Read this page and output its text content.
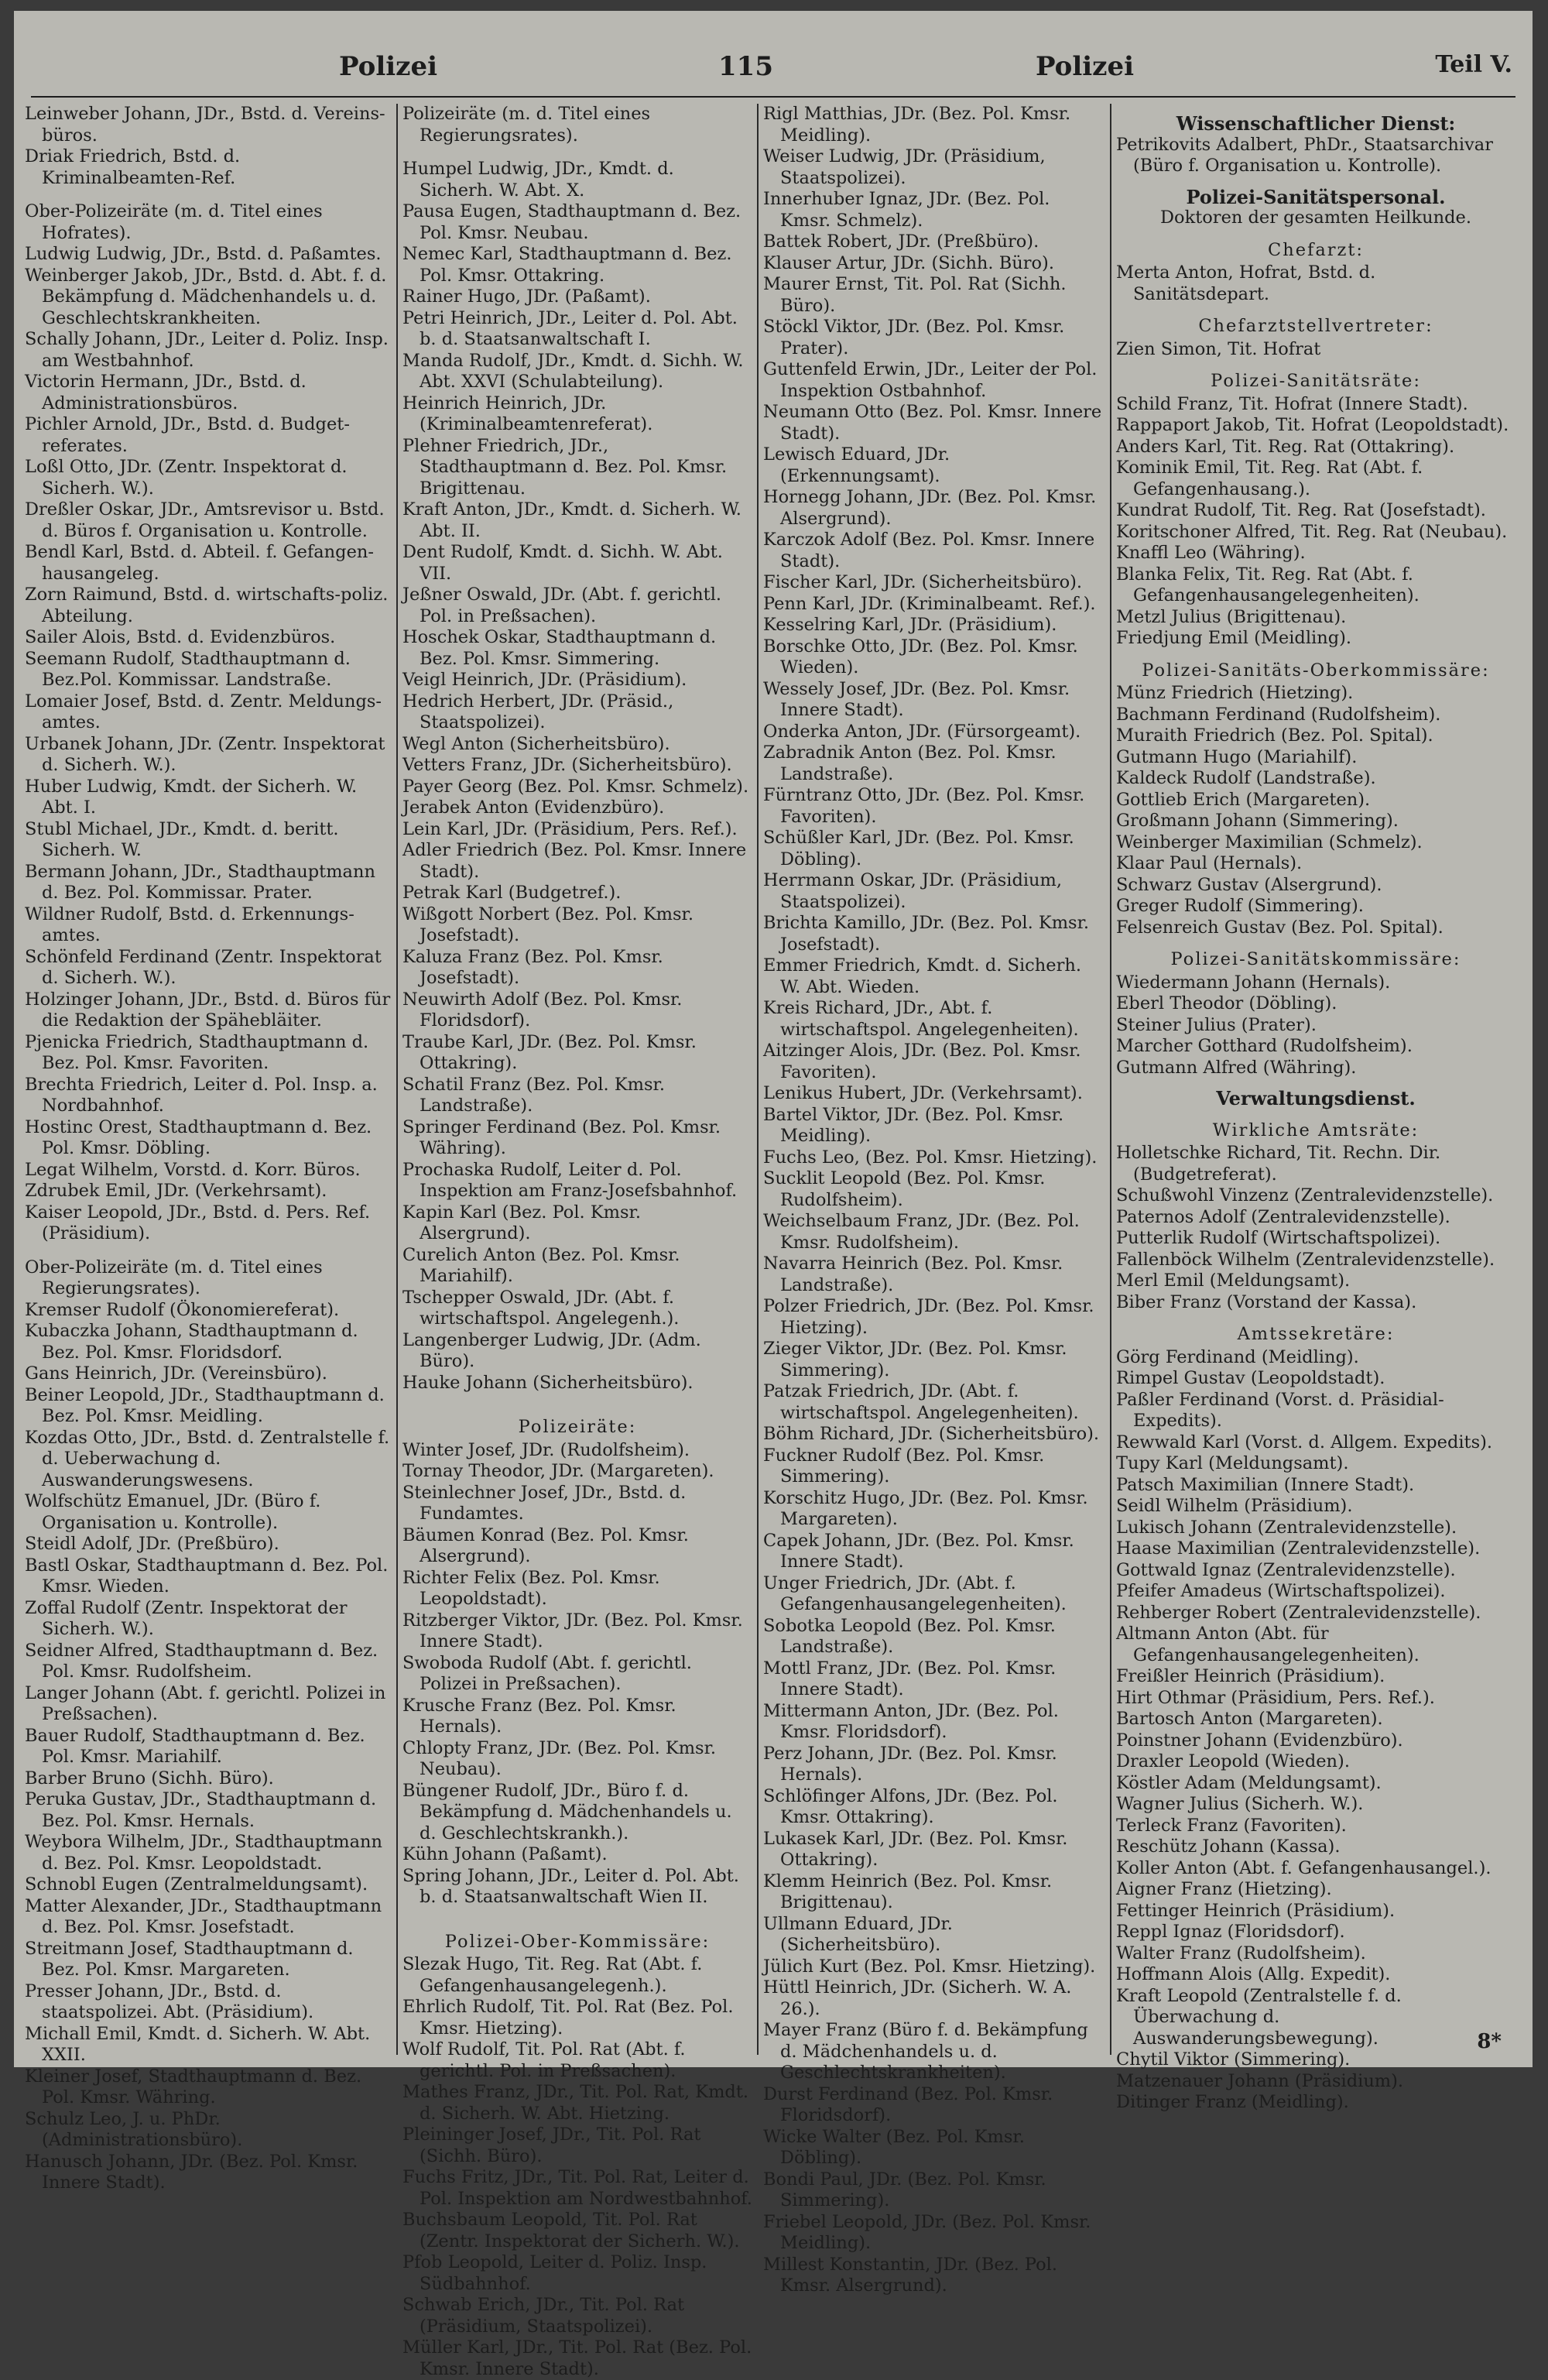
Polizei	115	Polizei	Teil V.
Leinweber Johann, JDr., Bstd. d. Vereins-büros.
Driak Friedrich, Bstd. d. Kriminalbeamten-Ref.
Ober-Polizeiräte (m. d. Titel eines Hofrates).
Ludwig Ludwig, JDr., Bstd. d. Paßamtes.
Weinberger Jakob, JDr., Bstd. d. Abt. f. d. Bekämpfung d. Mädchenhandels u. d. Geschlechtskrankheiten.
Schally Johann, JDr., Leiter d. Poliz. Insp. am Westbahnhof.
Victorin Hermann, JDr., Bstd. d. Administrationsbüros.
Pichler Arnold, JDr., Bstd. d. Budget-referates.
Loßl Otto, JDr. (Zentr. Inspektorat d. Sicherh. W.).
Dreßler Oskar, JDr., Amtsrevisor u. Bstd. d. Büros f. Organisation u. Kontrolle.
Bendl Karl, Bstd. d. Abteil. f. Gefangen-hausangeleg.
Zorn Raimund, Bstd. d. wirtschafts-poliz. Abteilung.
Sailer Alois, Bstd. d. Evidenzbüros.
Seemann Rudolf, Stadthauptmann d. Bez.Pol. Kommissar. Landstraße.
Lomaier Josef, Bstd. d. Zentr. Meldungs-amtes.
Urbanek Johann, JDr. (Zentr. Inspektorat d. Sicherh. W.).
Huber Ludwig, Kmdt. der Sicherh. W. Abt. I.
Stubl Michael, JDr., Kmdt. d. beritt. Sicherh. W.
Bermann Johann, JDr., Stadthauptmann d. Bez. Pol. Kommissar. Prater.
Wildner Rudolf, Bstd. d. Erkennungs-amtes.
Schönfeld Ferdinand (Zentr. Inspektorat d. Sicherh. W.).
Holzinger Johann, JDr., Bstd. d. Büros für die Redaktion der Spähebläiter.
Pjenicka Friedrich, Stadthauptmann d. Bez. Pol. Kmsr. Favoriten.
Brechta Friedrich, Leiter d. Pol. Insp. a. Nordbahnhof.
Hostinc Orest, Stadthauptmann d. Bez. Pol. Kmsr. Döbling.
Legat Wilhelm, Vorstd. d. Korr. Büros.
Zdrubek Emil, JDr. (Verkehrsamt).
Kaiser Leopold, JDr., Bstd. d. Pers. Ref. (Präsidium).
Ober-Polizeiräte (m. d. Titel eines Regierungsrates).
Kremser Rudolf (Ökonomiereferat).
Kubaczka Johann, Stadthauptmann d. Bez. Pol. Kmsr. Floridsdorf.
Gans Heinrich, JDr. (Vereinsbüro).
Beiner Leopold, JDr., Stadthauptmann d. Bez. Pol. Kmsr. Meidling.
Kozdas Otto, JDr., Bstd. d. Zentralstelle f. d. Ueberwachung d. Auswanderungswesens.
Wolfschütz Emanuel, JDr. (Büro f. Organisation u. Kontrolle).
Steidl Adolf, JDr. (Preßbüro).
Bastl Oskar, Stadthauptmann d. Bez. Pol. Kmsr. Wieden.
Zoffal Rudolf (Zentr. Inspektorat der Sicherh. W.).
Seidner Alfred, Stadthauptmann d. Bez. Pol. Kmsr. Rudolfsheim.
Langer Johann (Abt. f. gerichtl. Polizei in Preßsachen).
Bauer Rudolf, Stadthauptmann d. Bez. Pol. Kmsr. Mariahilf.
Barber Bruno (Sichh. Büro).
Peruka Gustav, JDr., Stadthauptmann d. Bez. Pol. Kmsr. Hernals.
Weybora Wilhelm, JDr., Stadthauptmann d. Bez. Pol. Kmsr. Leopoldstadt.
Schnobl Eugen (Zentralmeldungsamt).
Matter Alexander, JDr., Stadthauptmann d. Bez. Pol. Kmsr. Josefstadt.
Streitmann Josef, Stadthauptmann d. Bez. Pol. Kmsr. Margareten.
Presser Johann, JDr., Bstd. d. staatspolizei. Abt. (Präsidium).
Michall Emil, Kmdt. d. Sicherh. W. Abt. XXII.
Kleiner Josef, Stadthauptmann d. Bez. Pol. Kmsr. Währing.
Schulz Leo, J. u. PhDr. (Administrationsbüro).
Hanusch Johann, JDr. (Bez. Pol. Kmsr. Innere Stadt).
Polizeiräte (m. d. Titel eines Regierungsrates).
Humpel Ludwig, JDr., Kmdt. d. Sicherh. W. Abt. X.
Pausa Eugen, Stadthauptmann d. Bez. Pol. Kmsr. Neubau.
Nemec Karl, Stadthauptmann d. Bez. Pol. Kmsr. Ottakring.
Rainer Hugo, JDr. (Paßamt).
Petri Heinrich, JDr., Leiter d. Pol. Abt. b. d. Staatsanwaltschaft I.
Manda Rudolf, JDr., Kmdt. d. Sichh. W. Abt. XXVI (Schulabteilung).
Heinrich Heinrich, JDr. (Kriminalbeamtenreferat).
Plehner Friedrich, JDr., Stadthauptmann d. Bez. Pol. Kmsr. Brigittenau.
Kraft Anton, JDr., Kmdt. d. Sicherh. W. Abt. II.
Dent Rudolf, Kmdt. d. Sichh. W. Abt. VII.
Jeßner Oswald, JDr. (Abt. f. gerichtl. Pol. in Preßsachen).
Hoschek Oskar, Stadthauptmann d. Bez. Pol. Kmsr. Simmering.
Veigl Heinrich, JDr. (Präsidium).
Hedrich Herbert, JDr. (Präsid., Staatspolizei).
Wegl Anton (Sicherheitsbüro).
Vetters Franz, JDr. (Sicherheitsbüro).
Payer Georg (Bez. Pol. Kmsr. Schmelz).
Jerabek Anton (Evidenzbüro).
Lein Karl, JDr. (Präsidium, Pers. Ref.).
Adler Friedrich (Bez. Pol. Kmsr. Innere Stadt).
Petrak Karl (Budgetref.).
Wißgott Norbert (Bez. Pol. Kmsr. Josefstadt).
Kaluza Franz (Bez. Pol. Kmsr. Josefstadt).
Neuwirth Adolf (Bez. Pol. Kmsr. Floridsdorf).
Traube Karl, JDr. (Bez. Pol. Kmsr. Ottakring).
Schatil Franz (Bez. Pol. Kmsr. Landstraße).
Springer Ferdinand (Bez. Pol. Kmsr. Währing).
Prochaska Rudolf, Leiter d. Pol. Inspektion am Franz-Josefsbahnhof.
Kapin Karl (Bez. Pol. Kmsr. Alsergrund).
Curelich Anton (Bez. Pol. Kmsr. Mariahilf).
Tschepper Oswald, JDr. (Abt. f. wirtschaftspol. Angelegenh.).
Langenberger Ludwig, JDr. (Adm. Büro).
Hauke Johann (Sicherheitsbüro).
Polizeiräte:
Winter Josef, JDr. (Rudolfsheim).
Tornay Theodor, JDr. (Margareten).
Steinlechner Josef, JDr., Bstd. d. Fundamtes.
Bäumen Konrad (Bez. Pol. Kmsr. Alsergrund).
Richter Felix (Bez. Pol. Kmsr. Leopoldstadt).
Ritzberger Viktor, JDr. (Bez. Pol. Kmsr. Innere Stadt).
Swoboda Rudolf (Abt. f. gerichtl. Polizei in Preßsachen).
Krusche Franz (Bez. Pol. Kmsr. Hernals).
Chlopty Franz, JDr. (Bez. Pol. Kmsr. Neubau).
Büngener Rudolf, JDr., Büro f. d. Bekämpfung d. Mädchenhandels u. d. Geschlechtskrankh.).
Kühn Johann (Paßamt).
Spring Johann, JDr., Leiter d. Pol. Abt. b. d. Staatsanwaltschaft Wien II.
Polizei-Ober-Kommissäre:
Slezak Hugo, Tit. Reg. Rat (Abt. f. Gefangenhausangelegenh.).
Ehrlich Rudolf, Tit. Pol. Rat (Bez. Pol. Kmsr. Hietzing).
Wolf Rudolf, Tit. Pol. Rat (Abt. f. gerichtl. Pol. in Preßsachen).
Mathes Franz, JDr., Tit. Pol. Rat, Kmdt. d. Sicherh. W. Abt. Hietzing.
Pleininger Josef, JDr., Tit. Pol. Rat (Sichh. Büro).
Fuchs Fritz, JDr., Tit. Pol. Rat, Leiter d. Pol. Inspektion am Nordwestbahnhof.
Buchsbaum Leopold, Tit. Pol. Rat (Zentr. Inspektorat der Sicherh. W.).
Pfob Leopold, Leiter d. Poliz. Insp. Südbahnhof.
Schwab Erich, JDr., Tit. Pol. Rat (Präsidium, Staatspolizei).
Müller Karl, JDr., Tit. Pol. Rat (Bez. Pol. Kmsr. Innere Stadt).
Rigl Matthias, JDr. (Bez. Pol. Kmsr. Meidling).
Weiser Ludwig, JDr. (Präsidium, Staatspolizei).
Innerhuber Ignaz, JDr. (Bez. Pol. Kmsr. Schmelz).
Battek Robert, JDr. (Preßbüro).
Klauser Artur, JDr. (Sichh. Büro).
Maurer Ernst, Tit. Pol. Rat (Sichh. Büro).
Stöckl Viktor, JDr. (Bez. Pol. Kmsr. Prater).
Guttenfeld Erwin, JDr., Leiter der Pol. Inspektion Ostbahnhof.
Neumann Otto (Bez. Pol. Kmsr. Innere Stadt).
Lewisch Eduard, JDr. (Erkennungsamt).
Hornegg Johann, JDr. (Bez. Pol. Kmsr. Alsergrund).
Karczok Adolf (Bez. Pol. Kmsr. Innere Stadt).
Fischer Karl, JDr. (Sicherheitsbüro).
Penn Karl, JDr. (Kriminalbeamt. Ref.).
Kesselring Karl, JDr. (Präsidium).
Borschke Otto, JDr. (Bez. Pol. Kmsr. Wieden).
Wessely Josef, JDr. (Bez. Pol. Kmsr. Innere Stadt).
Onderka Anton, JDr. (Fürsorgeamt).
Zabradnik Anton (Bez. Pol. Kmsr. Landstraße).
Fürntranz Otto, JDr. (Bez. Pol. Kmsr. Favoriten).
Schüßler Karl, JDr. (Bez. Pol. Kmsr. Döbling).
Herrmann Oskar, JDr. (Präsidium, Staatspolizei).
Brichta Kamillo, JDr. (Bez. Pol. Kmsr. Josefstadt).
Emmer Friedrich, Kmdt. d. Sicherh. W. Abt. Wieden.
Kreis Richard, JDr., Abt. f. wirtschaftspol. Angelegenheiten).
Aitzinger Alois, JDr. (Bez. Pol. Kmsr. Favoriten).
Lenikus Hubert, JDr. (Verkehrsamt).
Bartel Viktor, JDr. (Bez. Pol. Kmsr. Meidling).
Fuchs Leo, (Bez. Pol. Kmsr. Hietzing).
Sucklit Leopold (Bez. Pol. Kmsr. Rudolfsheim).
Weichselbaum Franz, JDr. (Bez. Pol. Kmsr. Rudolfsheim).
Navarra Heinrich (Bez. Pol. Kmsr. Landstraße).
Polzer Friedrich, JDr. (Bez. Pol. Kmsr. Hietzing).
Zieger Viktor, JDr. (Bez. Pol. Kmsr. Simmering).
Patzak Friedrich, JDr. (Abt. f. wirtschaftspol. Angelegenheiten).
Böhm Richard, JDr. (Sicherheitsbüro).
Fuckner Rudolf (Bez. Pol. Kmsr. Simmering).
Korschitz Hugo, JDr. (Bez. Pol. Kmsr. Margareten).
Capek Johann, JDr. (Bez. Pol. Kmsr. Innere Stadt).
Unger Friedrich, JDr. (Abt. f. Gefangenhausangelegenheiten).
Sobotka Leopold (Bez. Pol. Kmsr. Landstraße).
Mottl Franz, JDr. (Bez. Pol. Kmsr. Innere Stadt).
Mittermann Anton, JDr. (Bez. Pol. Kmsr. Floridsdorf).
Perz Johann, JDr. (Bez. Pol. Kmsr. Hernals).
Schlöfinger Alfons, JDr. (Bez. Pol. Kmsr. Ottakring).
Lukasek Karl, JDr. (Bez. Pol. Kmsr. Ottakring).
Klemm Heinrich (Bez. Pol. Kmsr. Brigittenau).
Ullmann Eduard, JDr. (Sicherheitsbüro).
Jülich Kurt (Bez. Pol. Kmsr. Hietzing).
Hüttl Heinrich, JDr. (Sicherh. W. A. 26.).
Mayer Franz (Büro f. d. Bekämpfung d. Mädchenhandels u. d. Geschlechtskrankheiten).
Durst Ferdinand (Bez. Pol. Kmsr. Floridsdorf).
Wicke Walter (Bez. Pol. Kmsr. Döbling).
Bondi Paul, JDr. (Bez. Pol. Kmsr. Simmering).
Friebel Leopold, JDr. (Bez. Pol. Kmsr. Meidling).
Millest Konstantin, JDr. (Bez. Pol. Kmsr. Alsergrund).
Wissenschaftlicher Dienst:
Petrikovits Adalbert, PhDr., Staatsarchivar (Büro f. Organisation u. Kontrolle).
Polizei-Sanitätspersonal.
Doktoren der gesamten Heilkunde.
Chefarzt:
Merta Anton, Hofrat, Bstd. d. Sanitätsdepart.
Chefarztstellvertreter:
Zien Simon, Tit. Hofrat
Polizei-Sanitätsräte:
Schild Franz, Tit. Hofrat (Innere Stadt).
Rappaport Jakob, Tit. Hofrat (Leopoldstadt).
Anders Karl, Tit. Reg. Rat (Ottakring).
Kominik Emil, Tit. Reg. Rat (Abt. f. Gefangenhausang.).
Kundrat Rudolf, Tit. Reg. Rat (Josefstadt).
Koritschoner Alfred, Tit. Reg. Rat (Neubau).
Knaffl Leo (Währing).
Blanka Felix, Tit. Reg. Rat (Abt. f. Gefangenhausangelegenheiten).
Metzl Julius (Brigittenau).
Friedjung Emil (Meidling).
Polizei-Sanitäts-Oberkommissäre:
Münz Friedrich (Hietzing).
Bachmann Ferdinand (Rudolfsheim).
Muraith Friedrich (Bez. Pol. Spital).
Gutmann Hugo (Mariahilf).
Kaldeck Rudolf (Landstraße).
Gottlieb Erich (Margareten).
Großmann Johann (Simmering).
Weinberger Maximilian (Schmelz).
Klaar Paul (Hernals).
Schwarz Gustav (Alsergrund).
Greger Rudolf (Simmering).
Felsenreich Gustav (Bez. Pol. Spital).
Polizei-Sanitätskommissäre:
Wiedermann Johann (Hernals).
Eberl Theodor (Döbling).
Steiner Julius (Prater).
Marcher Gotthard (Rudolfsheim).
Gutmann Alfred (Währing).
Verwaltungsdienst.
Wirkliche Amtsräte:
Holletschke Richard, Tit. Rechn. Dir. (Budgetreferat).
Schußwohl Vinzenz (Zentralevidenzstelle).
Paternos Adolf (Zentralevidenzstelle).
Putterlik Rudolf (Wirtschaftspolizei).
Fallenböck Wilhelm (Zentralevidenzstelle).
Merl Emil (Meldungsamt).
Biber Franz (Vorstand der Kassa).
Amtssekretäre:
Görg Ferdinand (Meidling).
Rimpel Gustav (Leopoldstadt).
Paßler Ferdinand (Vorst. d. Präsidial-Expedits).
Rewwald Karl (Vorst. d. Allgem. Expedits).
Tupy Karl (Meldungsamt).
Patsch Maximilian (Innere Stadt).
Seidl Wilhelm (Präsidium).
Lukisch Johann (Zentralevidenzstelle).
Haase Maximilian (Zentralevidenzstelle).
Gottwald Ignaz (Zentralevidenzstelle).
Pfeifer Amadeus (Wirtschaftspolizei).
Rehberger Robert (Zentralevidenzstelle).
Altmann Anton (Abt. für Gefangenhausangelegenheiten).
Freißler Heinrich (Präsidium).
Hirt Othmar (Präsidium, Pers. Ref.).
Bartosch Anton (Margareten).
Poinstner Johann (Evidenzbüro).
Draxler Leopold (Wieden).
Köstler Adam (Meldungsamt).
Wagner Julius (Sicherh. W.).
Terleck Franz (Favoriten).
Reschütz Johann (Kassa).
Koller Anton (Abt. f. Gefangenhausangel.).
Aigner Franz (Hietzing).
Fettinger Heinrich (Präsidium).
Reppl Ignaz (Floridsdorf).
Walter Franz (Rudolfsheim).
Hoffmann Alois (Allg. Expedit).
Kraft Leopold (Zentralstelle f. d. Überwachung d. Auswanderungsbewegung).
Chytil Viktor (Simmering).
Matzenauer Johann (Präsidium).
Ditinger Franz (Meidling).
8*
